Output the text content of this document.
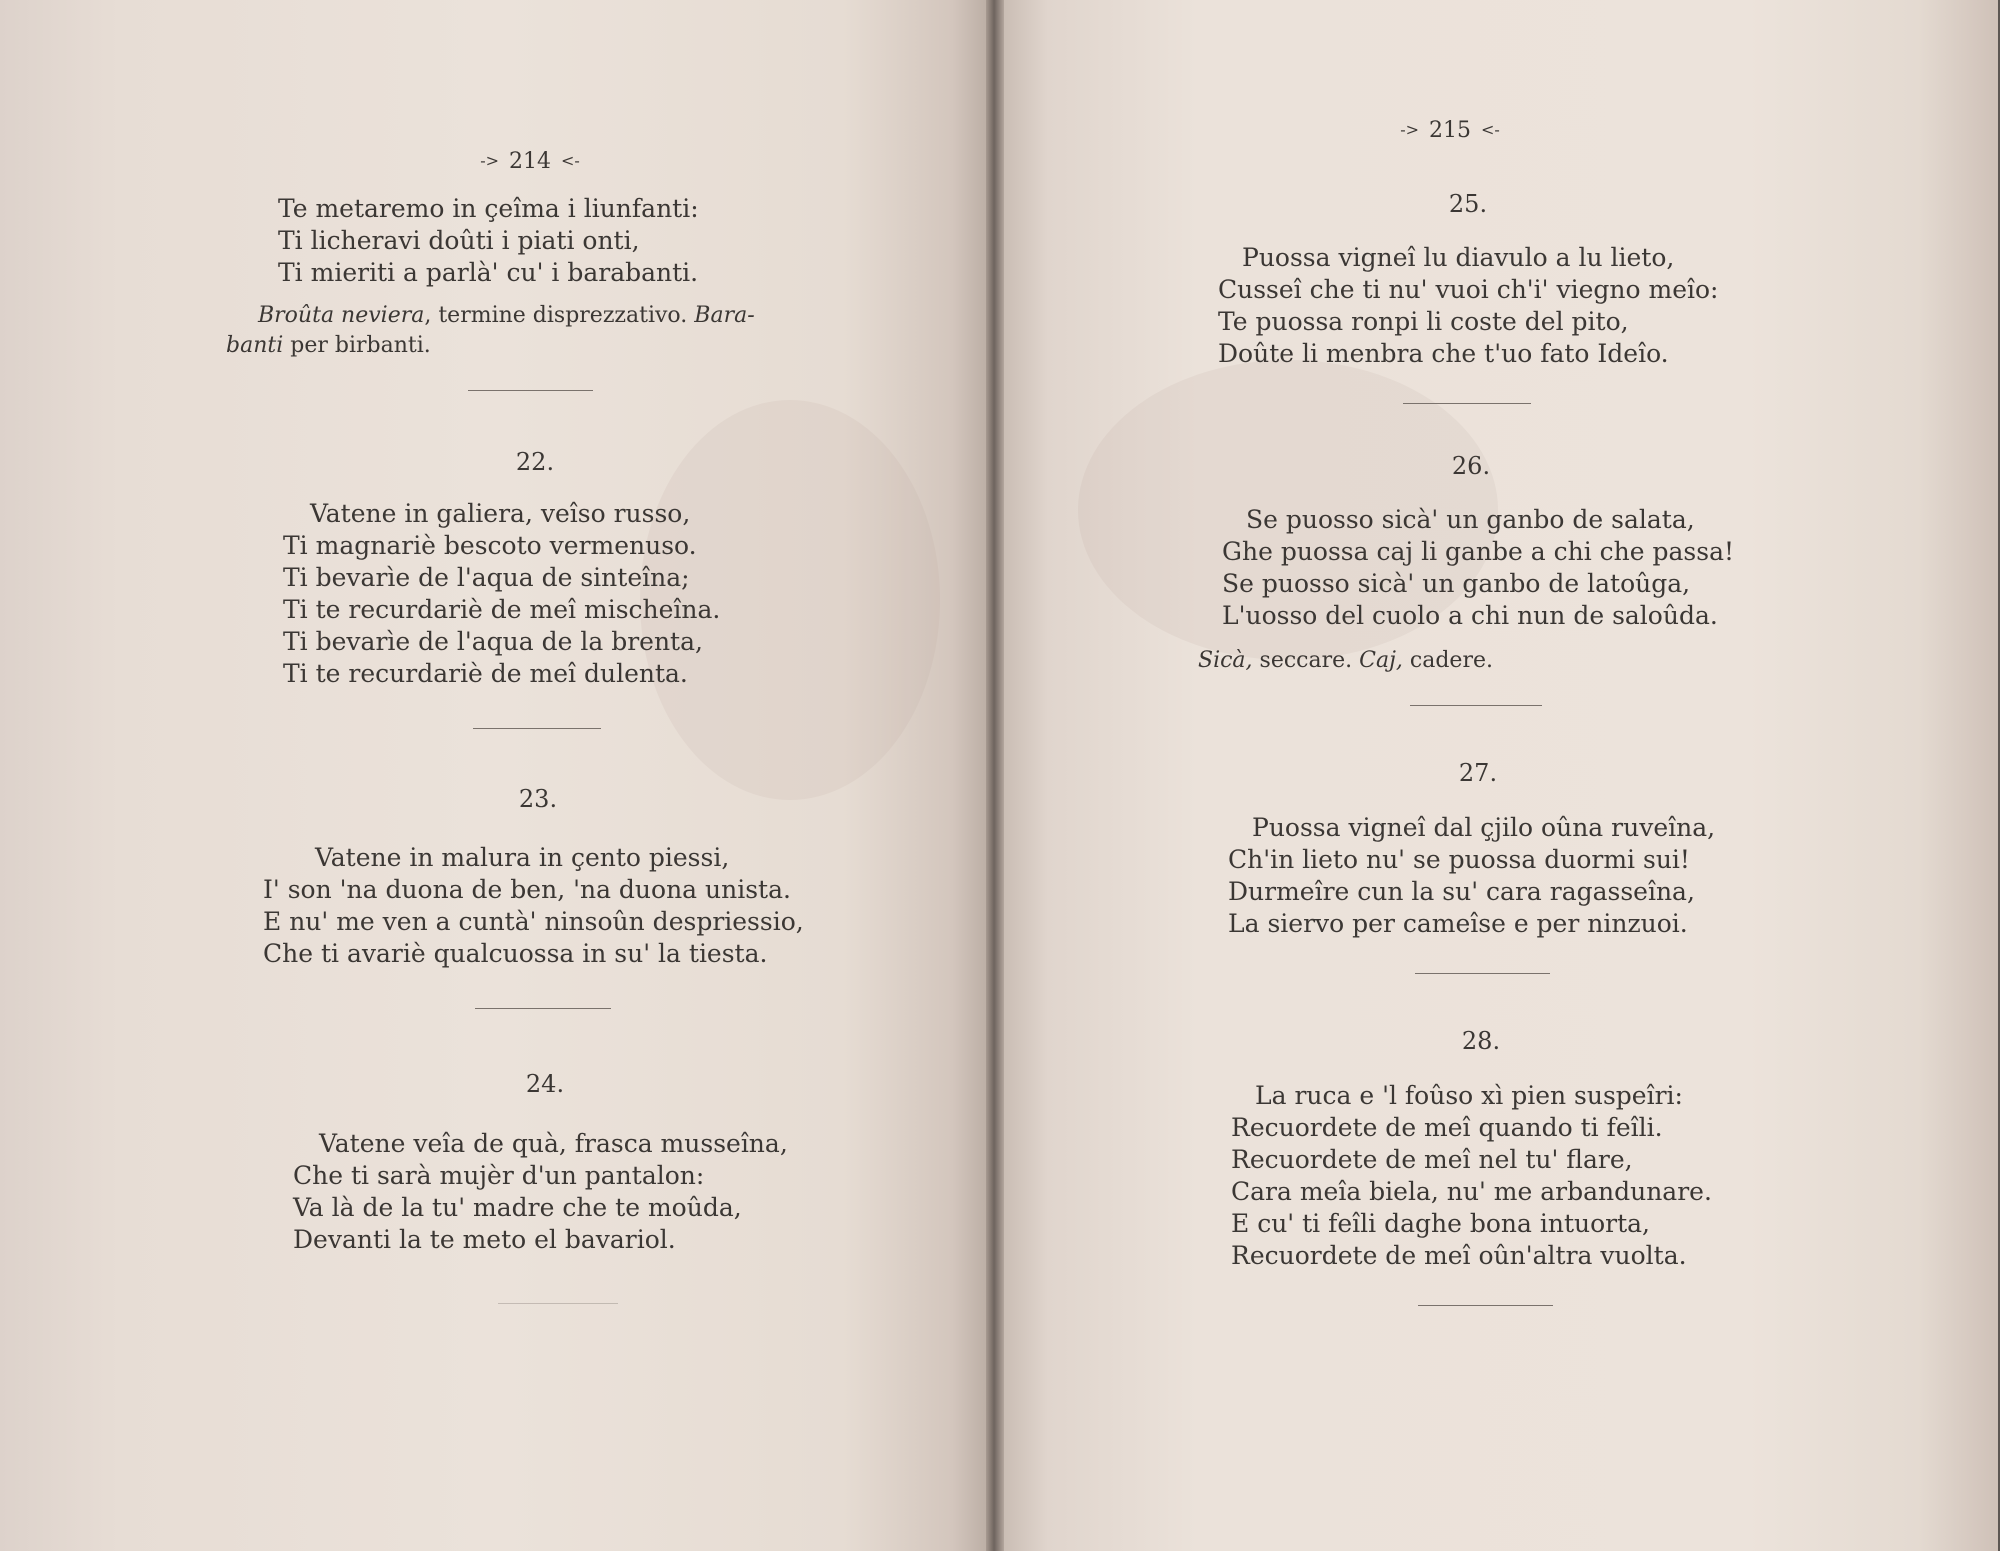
-> 214 <-
Te metaremo in çeîma i liunfanti:
Ti licheravi doûti i piati onti,
Ti mieriti a parlà' cu' i barabanti.
Broûta neviera, termine disprezzativo. Bara-
banti per birbanti.
22.
Vatene in galiera, veîso russo,
Ti magnariè bescoto vermenuso.
Ti bevarìe de l'aqua de sinteîna;
Ti te recurdariè de meî mischeîna.
Ti bevarìe de l'aqua de la brenta,
Ti te recurdariè de meî dulenta.
23.
Vatene in malura in çento piessi,
I' son 'na duona de ben, 'na duona unista.
E nu' me ven a cuntà' ninsoûn despriessio,
Che ti avariè qualcuossa in su' la tiesta.
24.
Vatene veîa de quà, frasca musseîna,
Che ti sarà mujèr d'un pantalon:
Va là de la tu' madre che te moûda,
Devanti la te meto el bavariol.
-> 215 <-
25.
Puossa vigneî lu diavulo a lu lieto,
Cusseî che ti nu' vuoi ch'i' viegno meîo:
Te puossa ronpi li coste del pito,
Doûte li menbra che t'uo fato Ideîo.
26.
Se puosso sicà' un ganbo de salata,
Ghe puossa caj li ganbe a chi che passa!
Se puosso sicà' un ganbo de latoûga,
L'uosso del cuolo a chi nun de saloûda.
Sicà, seccare. Caj, cadere.
27.
Puossa vigneî dal çjilo oûna ruveîna,
Ch'in lieto nu' se puossa duormi sui!
Durmeîre cun la su' cara ragasseîna,
La siervo per cameîse e per ninzuoi.
28.
La ruca e 'l foûso xì pien suspeîri:
Recuordete de meî quando ti feîli.
Recuordete de meî nel tu' flare,
Cara meîa biela, nu' me arbandunare.
E cu' ti feîli daghe bona intuorta,
Recuordete de meî oûn'altra vuolta.
